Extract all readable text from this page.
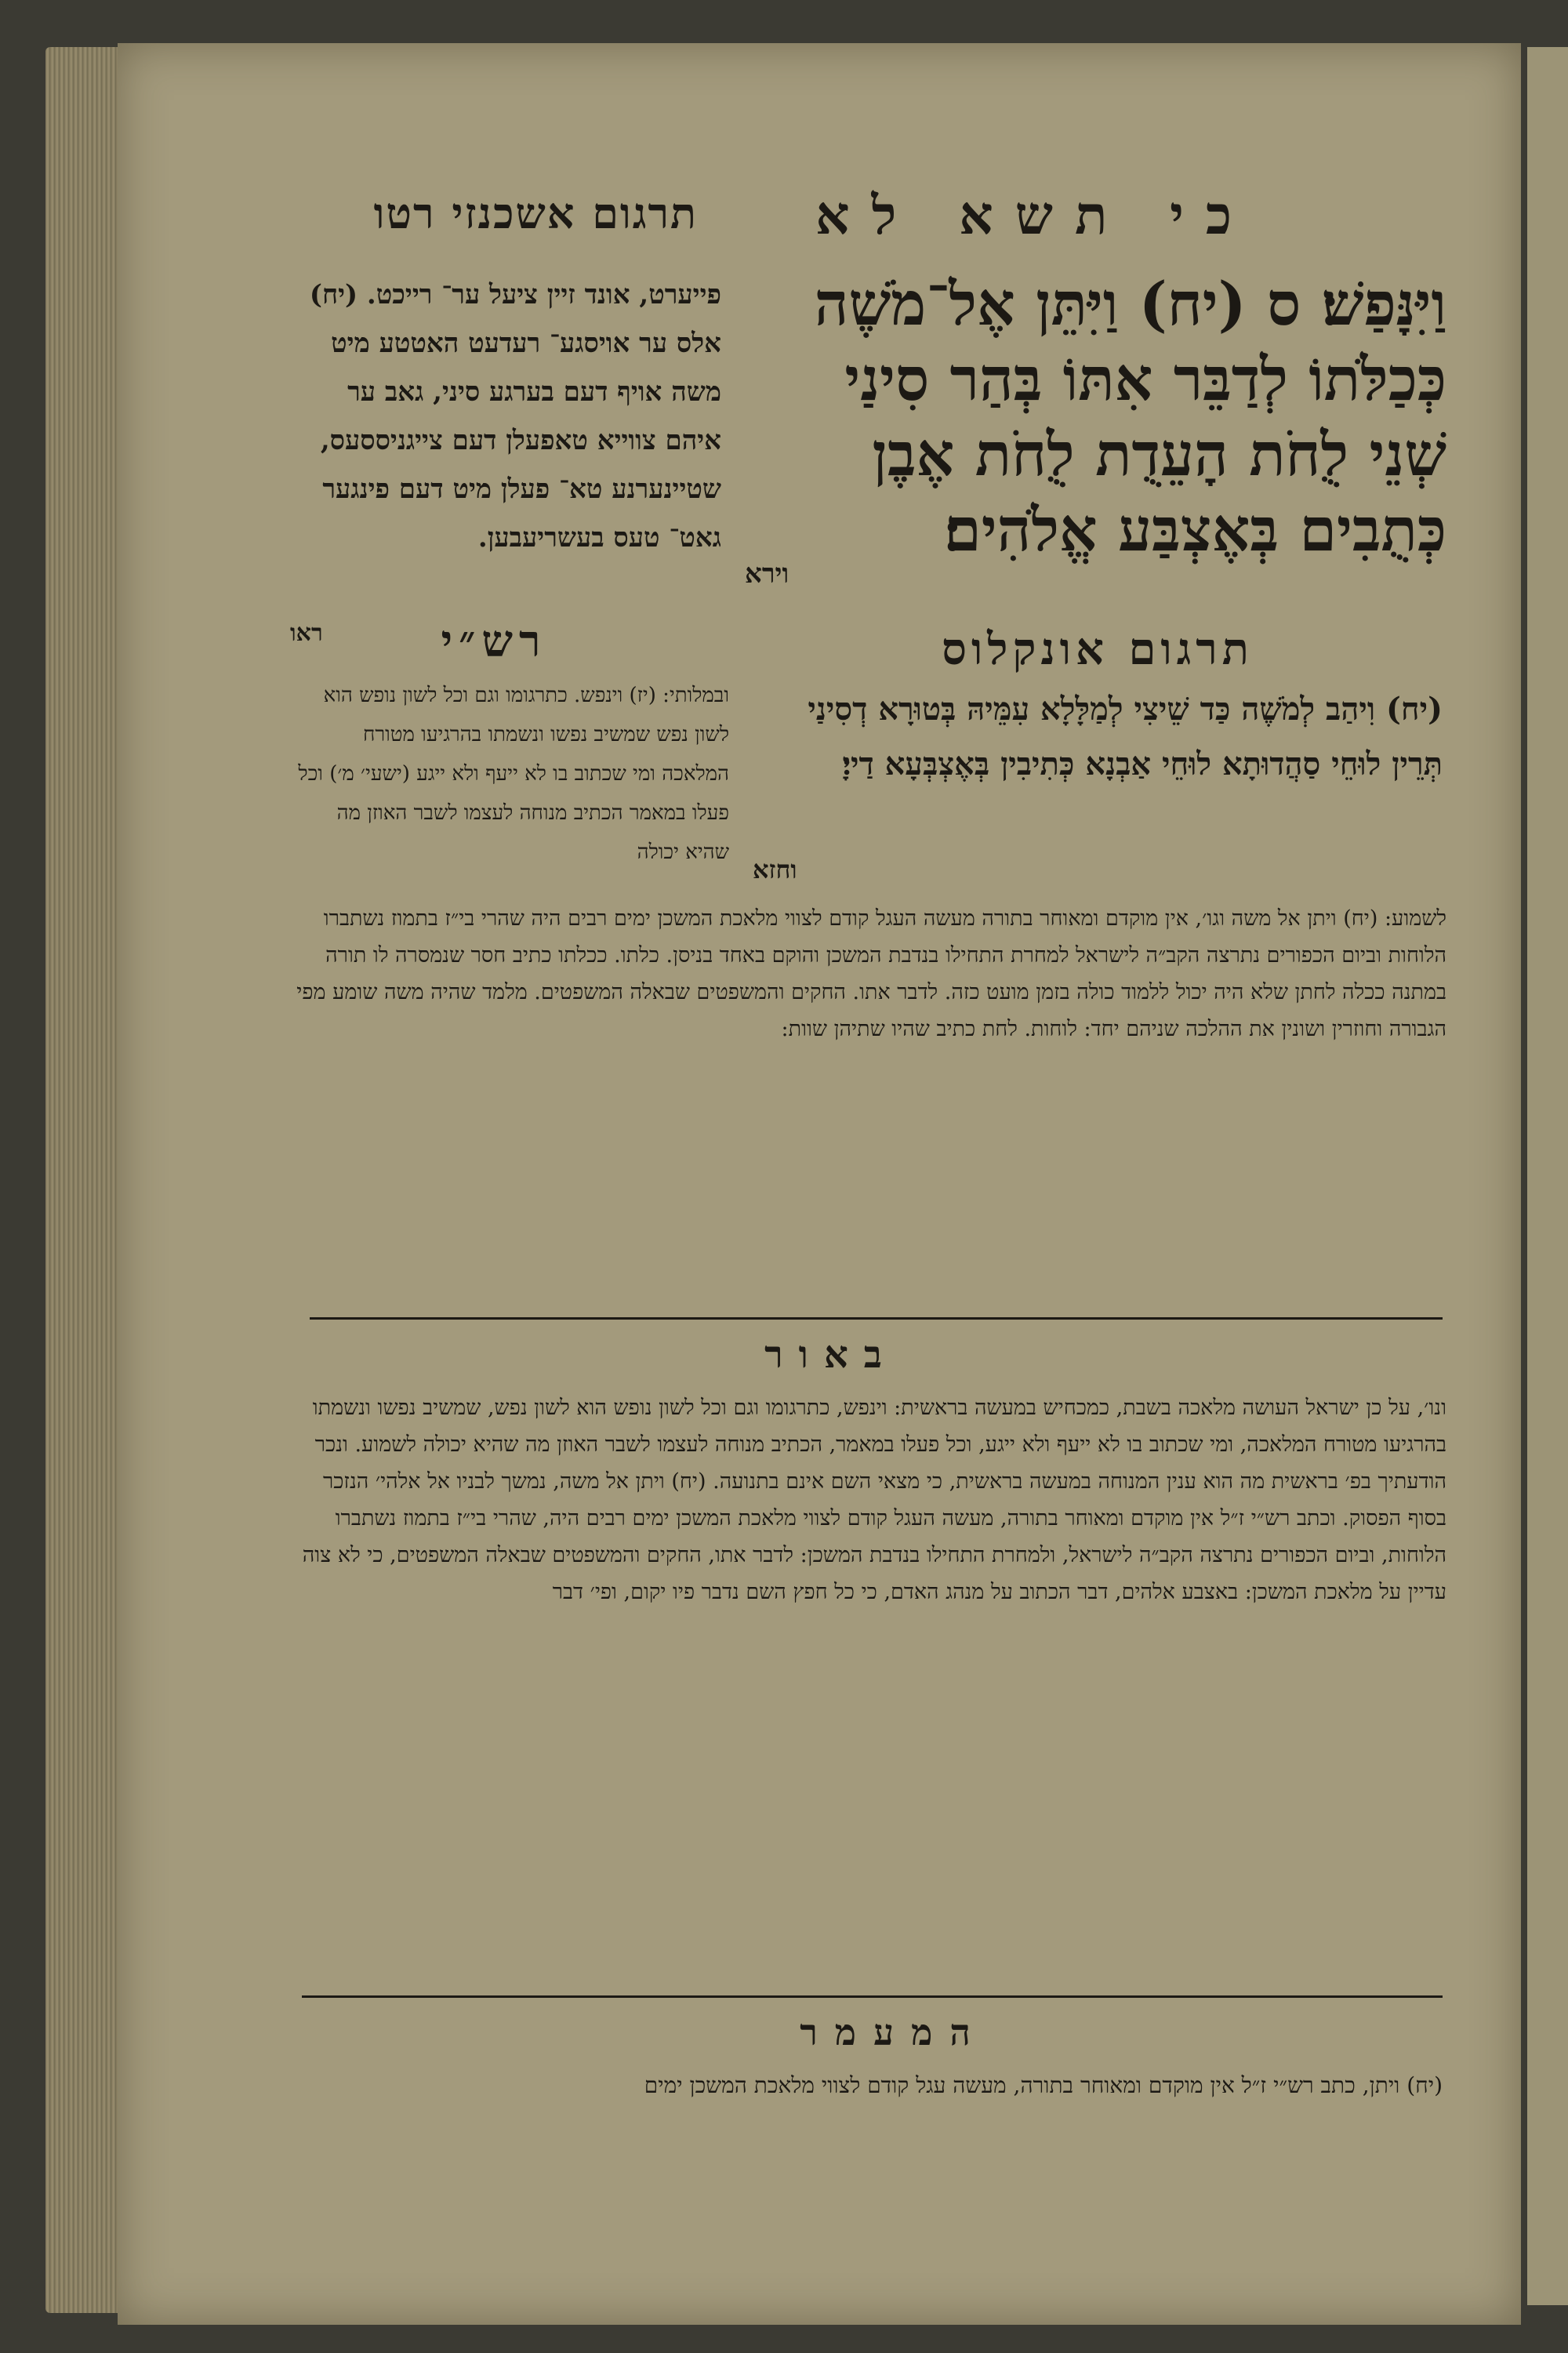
תרגום אשכנזי רטו כי תשא לא
וַיִּנָּפַשׁ׃ ס (יח) וַיִּתֵּן אֶל־מֹשֶׁה כְּכַלֹּתוֹ לְדַבֵּר אִתּוֹ בְּהַר סִינַי שְׁנֵי לֻחֹת הָעֵדֻת לֻחֹת אֶבֶן כְּתֻבִים בְּאֶצְבַּע אֱלֹהִים׃
וירא
פייערט, אונד זיין ציעל ער־ רייכט. (יח) אלס ער אויסגע־ רעדעט האטטע מיט משה אויף דעם בערגע סיני, גאב ער איהם צווייא טאפעלן דעם צייגניססעס, שטיינערנע טא־ פעלן מיט דעם פינגער גאט־ טעס בעשריעבען.
רש״י
ראו	תרגום אונקלוס
(יח) וִיהַב לְמֹשֶׁה כַּד שֵׁיצִי לְמַלָּלָא עִמֵּיהּ בְּטוּרָא דְסִינַי תְּרֵין לוּחֵי סַהֲדוּתָא לוּחֵי אַבְנָא כְּתִיבִין בְּאֶצְבְּעָא דַייָ׃
וחזא
ובמלותי: (יז) וינפש. כתרגומו וגם וכל לשון נופש הוא לשון נפש שמשיב נפשו ונשמתו בהרגיעו מטורח המלאכה ומי שכתוב בו לא ייעף ולא ייגע (ישעי׳ מ׳) וכל פעלו במאמר הכתיב מנוחה לעצמו לשבר האוזן מה שהיא יכולה
לשמוע: (יח) ויתן אל משה וגו׳, אין מוקדם ומאוחר בתורה מעשה העגל קודם לצווי מלאכת המשכן ימים רבים היה שהרי בי״ז בתמוז נשתברו הלוחות וביום הכפורים נתרצה הקב״ה לישראל למחרת התחילו בנדבת המשכן והוקם באחד בניסן. כלתו. ככלתו כתיב חסר שנמסרה לו תורה במתנה ככלה לחתן שלא היה יכול ללמוד כולה בזמן מועט כזה. לדבר אתו. החקים והמשפטים שבאלה המשפטים. מלמד שהיה משה שומע מפי הגבורה וחוזרין ושונין את ההלכה שניהם יחד: לוחות. לחת כתיב שהיו שתיהן שוות:
באור
ונו׳, על כן ישראל העושה מלאכה בשבת, כמכחיש במעשה בראשית: וינפש, כתרגומו וגם וכל לשון נופש הוא לשון נפש, שמשיב נפשו ונשמתו בהרגיעו מטורח המלאכה, ומי שכתוב בו לא ייעף ולא ייגע, וכל פעלו במאמר, הכתיב מנוחה לעצמו לשבר האוזן מה שהיא יכולה לשמוע. ונכר הודעתיך בפ׳ בראשית מה הוא ענין המנוחה במעשה בראשית, כי מצאי השם אינם בתנועה. (יח) ויתן אל משה, נמשך לבניו אל אלהי׳ הנזכר בסוף הפסוק. וכתב רש״י ז״ל אין מוקדם ומאוחר בתורה, מעשה העגל קודם לצווי מלאכת המשכן ימים רבים היה, שהרי בי״ז בתמוז נשתברו הלוחות, וביום הכפורים נתרצה הקב״ה לישראל, ולמחרת התחילו בנדבת המשכן: לדבר אתו, החקים והמשפטים שבאלה המשפטים, כי לא צוה עדיין על מלאכת המשכן: באצבע אלהים, דבר הכתוב על מנהג האדם, כי כל חפץ השם נדבר פיו יקום, ופי׳ דבר
המעמר
(יח) ויתן, כתב רש״י ז״ל אין מוקדם ומאוחר בתורה, מעשה עגל קודם לצווי מלאכת המשכן ימים
